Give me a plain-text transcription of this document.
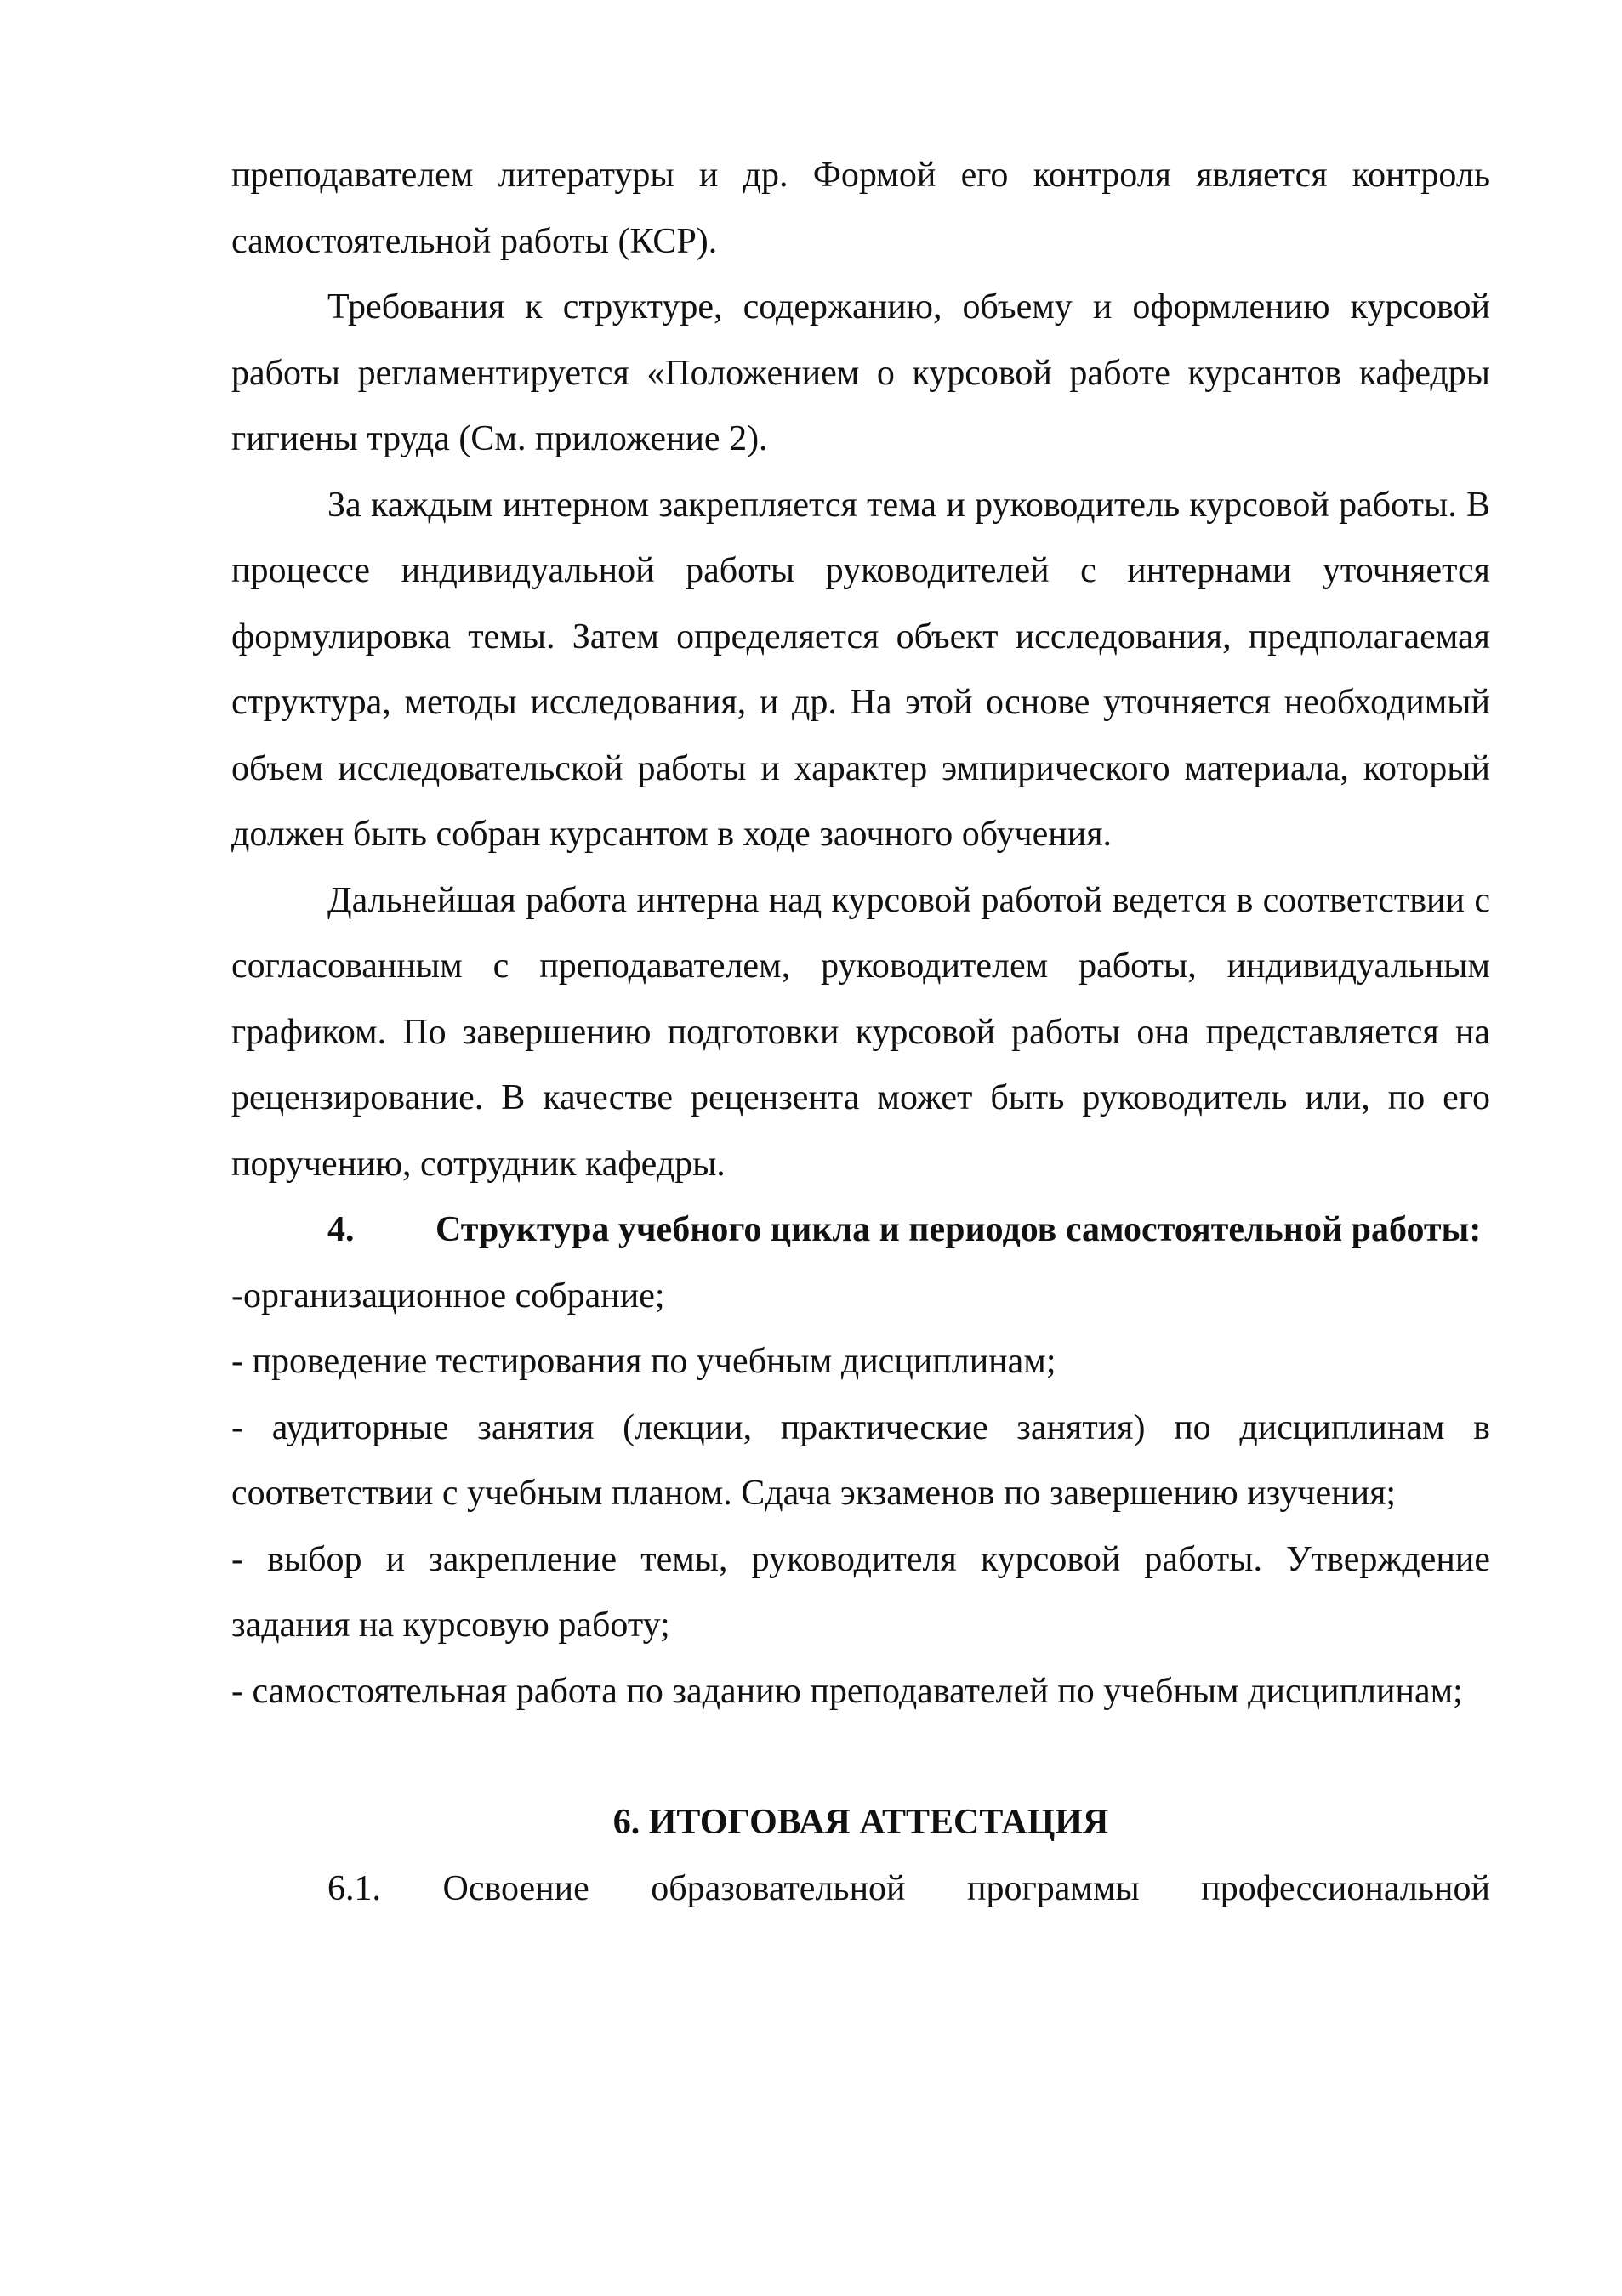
преподавателем литературы и др. Формой его контроля является контроль самостоятельной работы (КСР).

Требования к структуре, содержанию, объему и оформлению курсовой работы регламентируется «Положением о курсовой работе курсантов кафедры гигиены труда (См. приложение 2).

За каждым интерном закрепляется тема и руководитель курсовой работы. В процессе индивидуальной работы руководителей с интернами уточняется формулировка темы. Затем определяется объект исследования, предполагаемая структура, методы исследования, и др. На этой основе уточняется необходимый объем исследовательской работы и характер эмпирического материала, который должен быть собран курсантом в ходе заочного обучения.

Дальнейшая работа интерна над курсовой работой ведется в соответствии с согласованным с преподавателем, руководителем работы, индивидуальным графиком. По завершению подготовки курсовой работы она представляется на рецензирование. В качестве рецензента может быть руководитель или, по его поручению, сотрудник кафедры.

4. Структура учебного цикла и периодов самостоятельной работы:

-организационное собрание;

- проведение тестирования по учебным дисциплинам;

- аудиторные занятия (лекции, практические занятия) по дисциплинам в соответствии с учебным планом. Сдача экзаменов по завершению изучения;

- выбор и закрепление темы, руководителя курсовой работы. Утверждение задания на курсовую работу;

- самостоятельная работа по заданию преподавателей по учебным дисциплинам;

6. ИТОГОВАЯ АТТЕСТАЦИЯ

6.1. Освоение образовательной программы профессиональной
